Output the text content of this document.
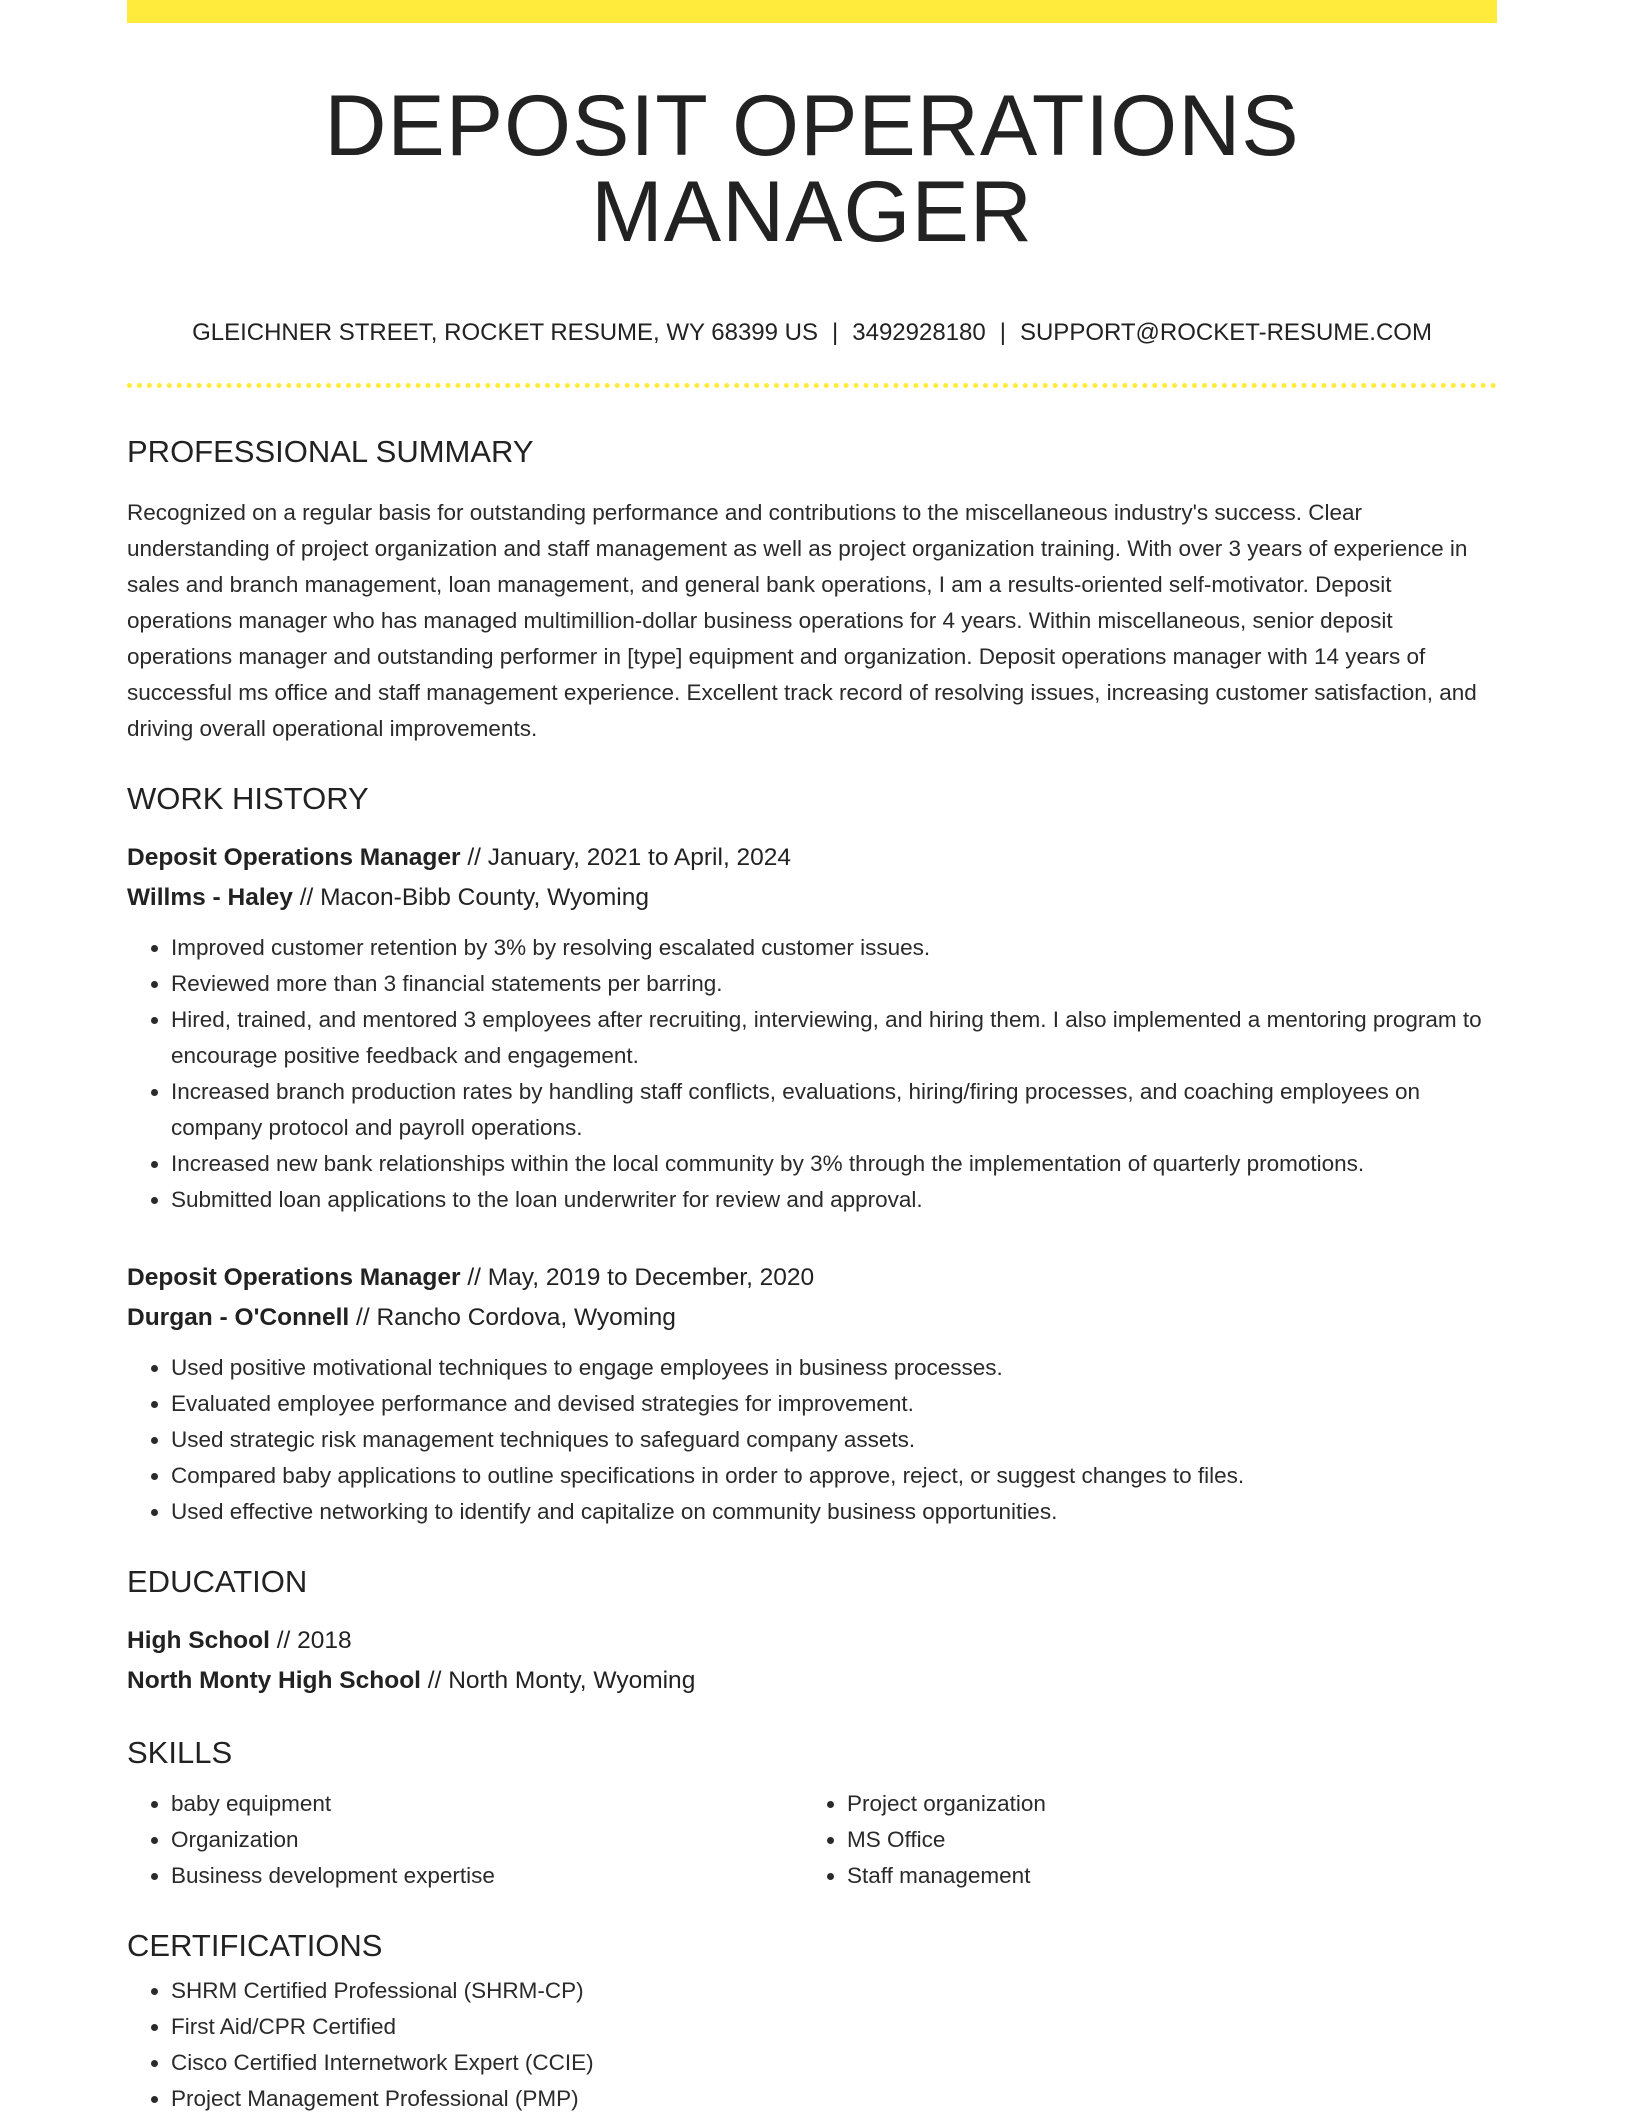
DEPOSIT OPERATIONS MANAGER
GLEICHNER STREET, ROCKET RESUME, WY 68399 US | 3492928180 | SUPPORT@ROCKET-RESUME.COM
PROFESSIONAL SUMMARY

Recognized on a regular basis for outstanding performance and contributions to the miscellaneous industry's success. Clear understanding of project organization and staff management as well as project organization training. With over 3 years of experience in sales and branch management, loan management, and general bank operations, I am a results-oriented self-motivator. Deposit operations manager who has managed multimillion-dollar business operations for 4 years. Within miscellaneous, senior deposit operations manager and outstanding performer in [type] equipment and organization. Deposit operations manager with 14 years of successful ms office and staff management experience. Excellent track record of resolving issues, increasing customer satisfaction, and driving overall operational improvements.

WORK HISTORY
Deposit Operations Manager // January, 2021 to April, 2024
Willms - Haley // Macon-Bibb County, Wyoming
• Improved customer retention by 3% by resolving escalated customer issues.
• Reviewed more than 3 financial statements per barring.
• Hired, trained, and mentored 3 employees after recruiting, interviewing, and hiring them. I also implemented a mentoring program to encourage positive feedback and engagement.
• Increased branch production rates by handling staff conflicts, evaluations, hiring/firing processes, and coaching employees on company protocol and payroll operations.
• Increased new bank relationships within the local community by 3% through the implementation of quarterly promotions.
• Submitted loan applications to the loan underwriter for review and approval.
Deposit Operations Manager // May, 2019 to December, 2020
Durgan - O'Connell // Rancho Cordova, Wyoming
• Used positive motivational techniques to engage employees in business processes.
• Evaluated employee performance and devised strategies for improvement.
• Used strategic risk management techniques to safeguard company assets.
• Compared baby applications to outline specifications in order to approve, reject, or suggest changes to files.
• Used effective networking to identify and capitalize on community business opportunities.
EDUCATION
High School // 2018
North Monty High School // North Monty, Wyoming
SKILLS
• baby equipment
• Organization
• Business development expertise
• Project organization
• MS Office
• Staff management
CERTIFICATIONS
• SHRM Certified Professional (SHRM-CP)
• First Aid/CPR Certified
• Cisco Certified Internetwork Expert (CCIE)
• Project Management Professional (PMP)
